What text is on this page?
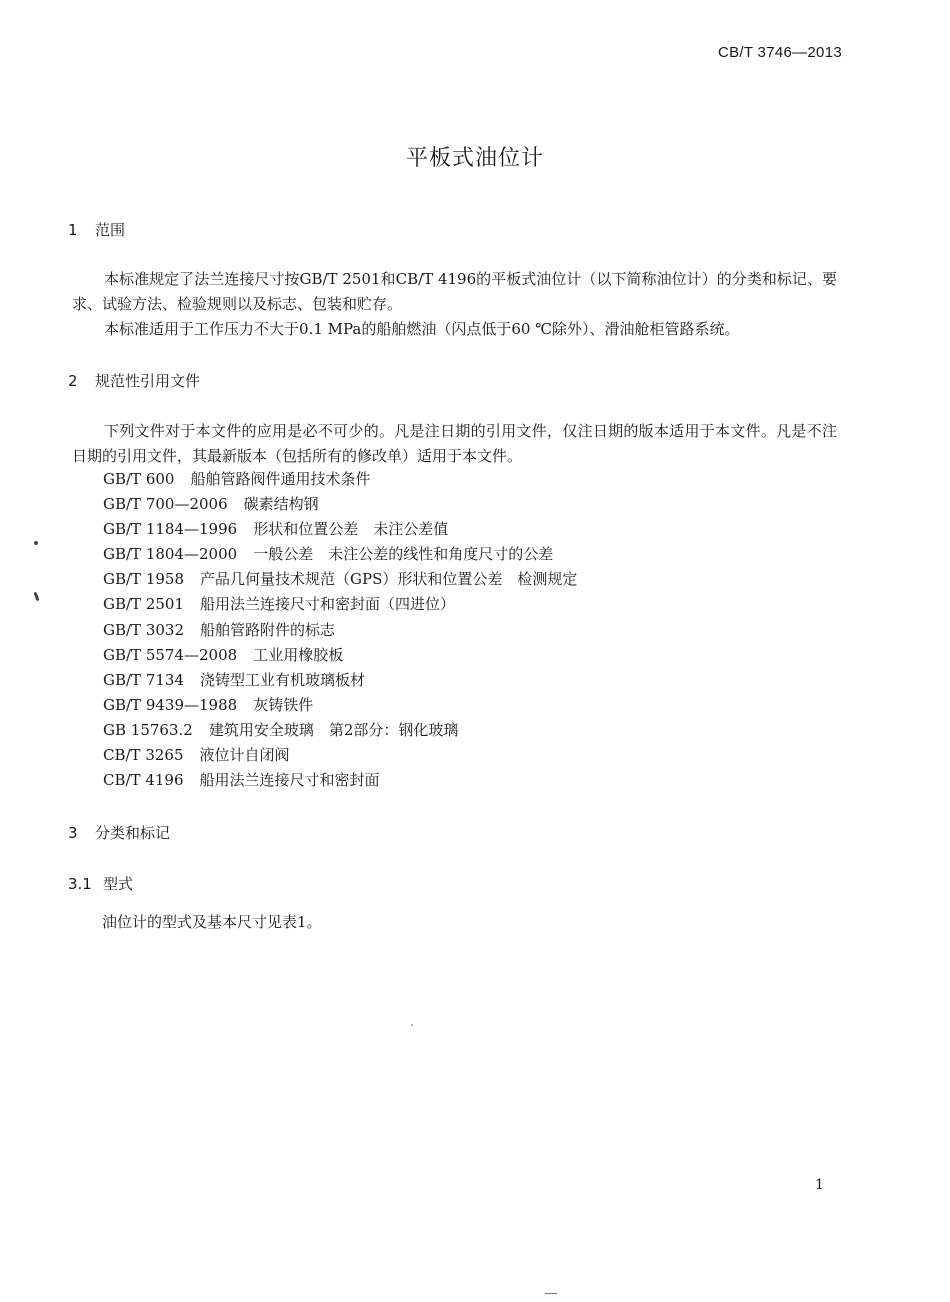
CB/T 3746—2013
平板式油位计
1 范围

本标准规定了法兰连接尺寸按GB/T 2501和CB/T 4196的平板式油位计（以下简称油位计）的分类和标记、要求、试验方法、检验规则以及标志、包装和贮存。

本标准适用于工作压力不大于0.1 MPa的船舶燃油（闪点低于60 ℃除外）、滑油舱柜管路系统。

2 规范性引用文件

下列文件对于本文件的应用是必不可少的。凡是注日期的引用文件，仅注日期的版本适用于本文件。凡是不注日期的引用文件，其最新版本（包括所有的修改单）适用于本文件。

GB/T 600 船舶管路阀件通用技术条件
GB/T 700—2006 碳素结构钢
GB/T 1184—1996 形状和位置公差　未注公差值
GB/T 1804—2000 一般公差　未注公差的线性和角度尺寸的公差
GB/T 1958 产品几何量技术规范（GPS）形状和位置公差　检测规定
GB/T 2501 船用法兰连接尺寸和密封面（四进位）
GB/T 3032 船舶管路附件的标志
GB/T 5574—2008 工业用橡胶板
GB/T 7134 浇铸型工业有机玻璃板材
GB/T 9439—1988 灰铸铁件
GB 15763.2 建筑用安全玻璃　第2部分：钢化玻璃
CB/T 3265 液位计自闭阀
CB/T 4196 船用法兰连接尺寸和密封面
3 分类和标记
3.1 型式

油位计的型式及基本尺寸见表1。

1
